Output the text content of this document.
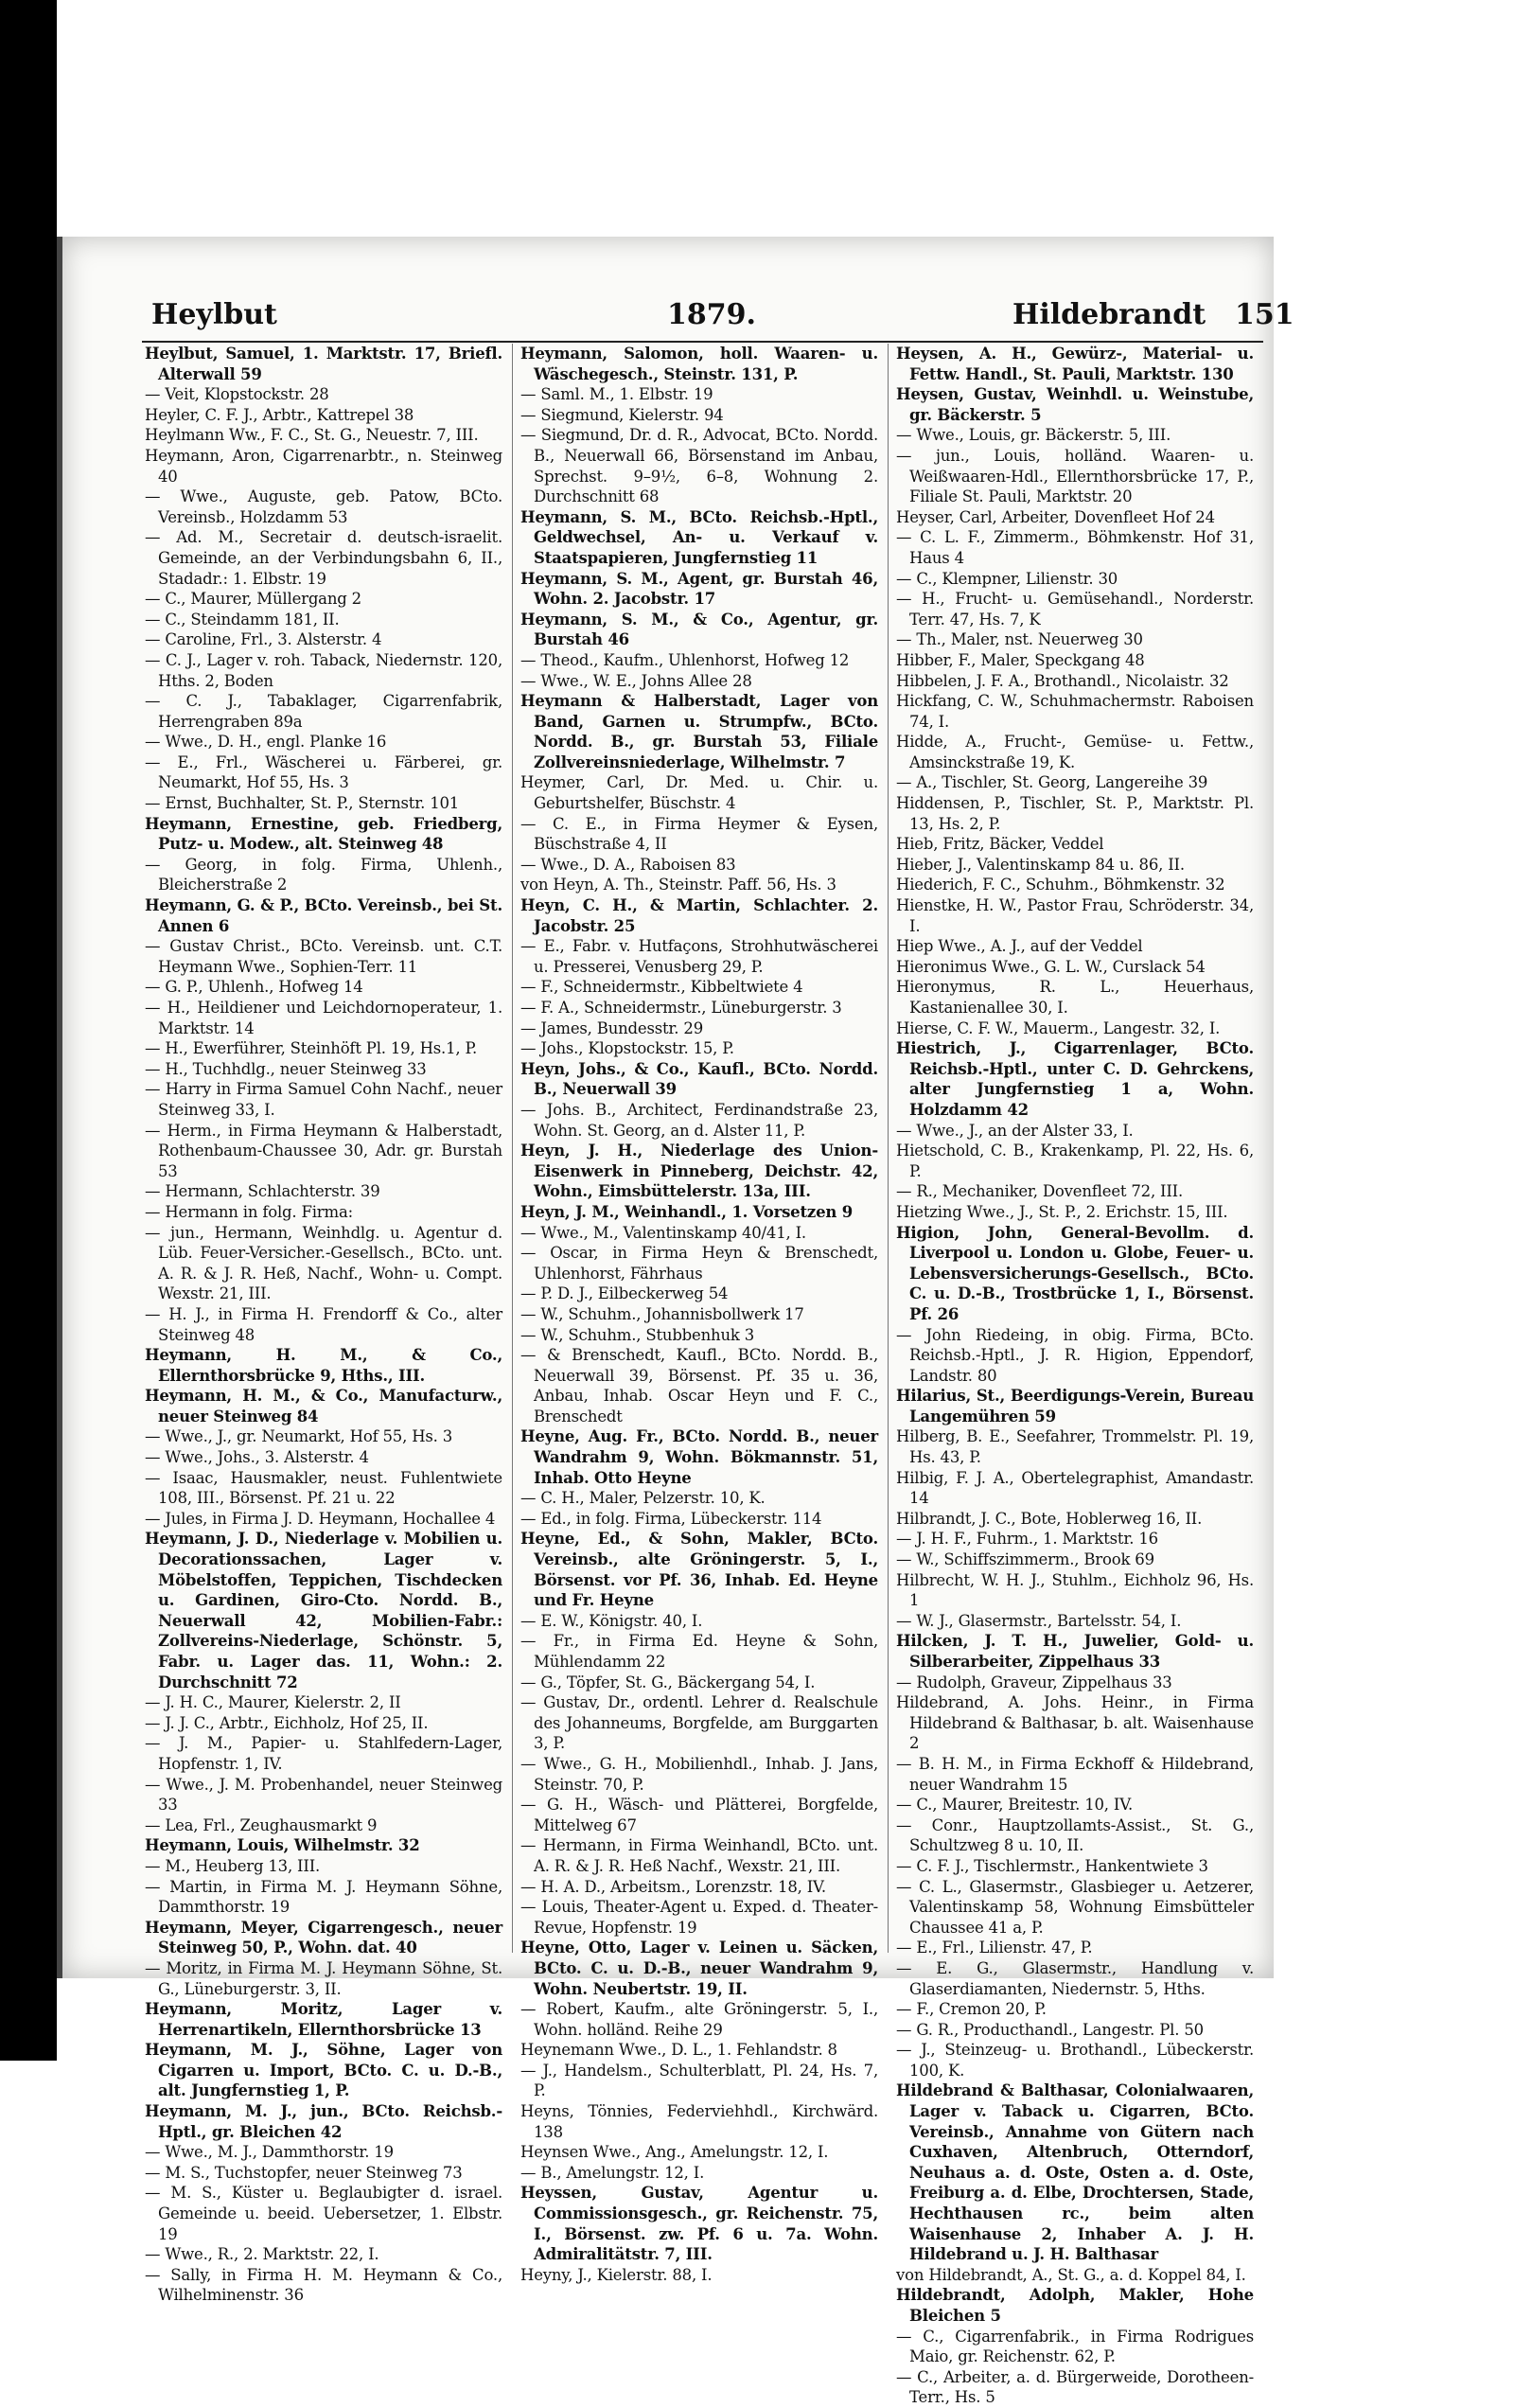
Heylbut	1879.	Hildebrandt 151

Heylbut, Samuel, 1. Marktstr. 17, Briefl. Alterwall 59

— Veit, Klopstockstr. 28

Heyler, C. F. J., Arbtr., Kattrepel 38

Heylmann Ww., F. C., St. G., Neuestr. 7, III.

Heymann, Aron, Cigarrenarbtr., n. Steinweg 40

— Wwe., Auguste, geb. Patow, BCto. Vereinsb., Holzdamm 53

— Ad. M., Secretair d. deutsch-israelit. Gemeinde, an der Verbindungsbahn 6, II., Stadadr.: 1. Elbstr. 19

— C., Maurer, Müllergang 2

— C., Steindamm 181, II.

— Caroline, Frl., 3. Alsterstr. 4

— C. J., Lager v. roh. Taback, Niedernstr. 120, Hths. 2, Boden

— C. J., Tabaklager, Cigarrenfabrik, Herrengraben 89a

— Wwe., D. H., engl. Planke 16

— E., Frl., Wäscherei u. Färberei, gr. Neumarkt, Hof 55, Hs. 3

— Ernst, Buchhalter, St. P., Sternstr. 101

Heymann, Ernestine, geb. Friedberg, Putz- u. Modew., alt. Steinweg 48

— Georg, in folg. Firma, Uhlenh., Bleicherstraße 2

Heymann, G. & P., BCto. Vereinsb., bei St. Annen 6

— Gustav Christ., BCto. Vereinsb. unt. C.T. Heymann Wwe., Sophien-Terr. 11

— G. P., Uhlenh., Hofweg 14

— H., Heildiener und Leichdornoperateur, 1. Marktstr. 14

— H., Ewerführer, Steinhöft Pl. 19, Hs.1, P.

— H., Tuchhdlg., neuer Steinweg 33

— Harry in Firma Samuel Cohn Nachf., neuer Steinweg 33, I.

— Herm., in Firma Heymann & Halberstadt, Rothenbaum-Chaussee 30, Adr. gr. Burstah 53

— Hermann, Schlachterstr. 39

— Hermann in folg. Firma:

— jun., Hermann, Weinhdlg. u. Agentur d. Lüb. Feuer-Versicher.-Gesellsch., BCto. unt. A. R. & J. R. Heß, Nachf., Wohn- u. Compt. Wexstr. 21, III.

— H. J., in Firma H. Frendorff & Co., alter Steinweg 48

Heymann, H. M., & Co., Ellernthorsbrücke 9, Hths., III.

Heymann, H. M., & Co., Manufacturw., neuer Steinweg 84

— Wwe., J., gr. Neumarkt, Hof 55, Hs. 3

— Wwe., Johs., 3. Alsterstr. 4

— Isaac, Hausmakler, neust. Fuhlentwiete 108, III., Börsenst. Pf. 21 u. 22

— Jules, in Firma J. D. Heymann, Hochallee 4

Heymann, J. D., Niederlage v. Mobilien u. Decorationssachen, Lager v. Möbelstoffen, Teppichen, Tischdecken u. Gardinen, Giro-Cto. Nordd. B., Neuerwall 42, Mobilien-Fabr.: Zollvereins-Niederlage, Schönstr. 5, Fabr. u. Lager das. 11, Wohn.: 2. Durchschnitt 72

— J. H. C., Maurer, Kielerstr. 2, II

— J. J. C., Arbtr., Eichholz, Hof 25, II.

— J. M., Papier- u. Stahlfedern-Lager, Hopfenstr. 1, IV.

— Wwe., J. M. Probenhandel, neuer Steinweg 33

— Lea, Frl., Zeughausmarkt 9

Heymann, Louis, Wilhelmstr. 32

— M., Heuberg 13, III.

— Martin, in Firma M. J. Heymann Söhne, Dammthorstr. 19

Heymann, Meyer, Cigarrengesch., neuer Steinweg 50, P., Wohn. dat. 40

— Moritz, in Firma M. J. Heymann Söhne, St. G., Lüneburgerstr. 3, II.

Heymann, Moritz, Lager v. Herrenartikeln, Ellernthorsbrücke 13

Heymann, M. J., Söhne, Lager von Cigarren u. Import, BCto. C. u. D.-B., alt. Jungfernstieg 1, P.

Heymann, M. J., jun., BCto. Reichsb.-Hptl., gr. Bleichen 42

— Wwe., M. J., Dammthorstr. 19

— M. S., Tuchstopfer, neuer Steinweg 73

— M. S., Küster u. Beglaubigter d. israel. Gemeinde u. beeid. Uebersetzer, 1. Elbstr. 19

— Wwe., R., 2. Marktstr. 22, I.

— Sally, in Firma H. M. Heymann & Co., Wilhelminenstr. 36

Heymann, Salomon, holl. Waaren- u. Wäschegesch., Steinstr. 131, P.

— Saml. M., 1. Elbstr. 19

— Siegmund, Kielerstr. 94

— Siegmund, Dr. d. R., Advocat, BCto. Nordd. B., Neuerwall 66, Börsenstand im Anbau, Sprechst. 9–9½, 6–8, Wohnung 2. Durchschnitt 68

Heymann, S. M., BCto. Reichsb.-Hptl., Geldwechsel, An- u. Verkauf v. Staatspapieren, Jungfernstieg 11

Heymann, S. M., Agent, gr. Burstah 46, Wohn. 2. Jacobstr. 17

Heymann, S. M., & Co., Agentur, gr. Burstah 46

— Theod., Kaufm., Uhlenhorst, Hofweg 12

— Wwe., W. E., Johns Allee 28

Heymann & Halberstadt, Lager von Band, Garnen u. Strumpfw., BCto. Nordd. B., gr. Burstah 53, Filiale Zollvereinsniederlage, Wilhelmstr. 7

Heymer, Carl, Dr. Med. u. Chir. u. Geburtshelfer, Büschstr. 4

— C. E., in Firma Heymer & Eysen, Büschstraße 4, II

— Wwe., D. A., Raboisen 83

von Heyn, A. Th., Steinstr. Paff. 56, Hs. 3

Heyn, C. H., & Martin, Schlachter. 2. Jacobstr. 25

— E., Fabr. v. Hutfaçons, Strohhutwäscherei u. Presserei, Venusberg 29, P.

— F., Schneidermstr., Kibbeltwiete 4

— F. A., Schneidermstr., Lüneburgerstr. 3

— James, Bundesstr. 29

— Johs., Klopstockstr. 15, P.

Heyn, Johs., & Co., Kaufl., BCto. Nordd. B., Neuerwall 39

— Johs. B., Architect, Ferdinandstraße 23, Wohn. St. Georg, an d. Alster 11, P.

Heyn, J. H., Niederlage des Union-Eisenwerk in Pinneberg, Deichstr. 42, Wohn., Eimsbüttelerstr. 13a, III.

Heyn, J. M., Weinhandl., 1. Vorsetzen 9

— Wwe., M., Valentinskamp 40/41, I.

— Oscar, in Firma Heyn & Brenschedt, Uhlenhorst, Fährhaus

— P. D. J., Eilbeckerweg 54

— W., Schuhm., Johannisbollwerk 17

— W., Schuhm., Stubbenhuk 3

— & Brenschedt, Kaufl., BCto. Nordd. B., Neuerwall 39, Börsenst. Pf. 35 u. 36, Anbau, Inhab. Oscar Heyn und F. C., Brenschedt

Heyne, Aug. Fr., BCto. Nordd. B., neuer Wandrahm 9, Wohn. Bökmannstr. 51, Inhab. Otto Heyne

— C. H., Maler, Pelzerstr. 10, K.

— Ed., in folg. Firma, Lübeckerstr. 114

Heyne, Ed., & Sohn, Makler, BCto. Vereinsb., alte Gröningerstr. 5, I., Börsenst. vor Pf. 36, Inhab. Ed. Heyne und Fr. Heyne

— E. W., Königstr. 40, I.

— Fr., in Firma Ed. Heyne & Sohn, Mühlendamm 22

— G., Töpfer, St. G., Bäckergang 54, I.

— Gustav, Dr., ordentl. Lehrer d. Realschule des Johanneums, Borgfelde, am Burggarten 3, P.

— Wwe., G. H., Mobilienhdl., Inhab. J. Jans, Steinstr. 70, P.

— G. H., Wäsch- und Plätterei, Borgfelde, Mittelweg 67

— Hermann, in Firma Weinhandl, BCto. unt. A. R. & J. R. Heß Nachf., Wexstr. 21, III.

— H. A. D., Arbeitsm., Lorenzstr. 18, IV.

— Louis, Theater-Agent u. Exped. d. Theater-Revue, Hopfenstr. 19

Heyne, Otto, Lager v. Leinen u. Säcken, BCto. C. u. D.-B., neuer Wandrahm 9, Wohn. Neubertstr. 19, II.

— Robert, Kaufm., alte Gröningerstr. 5, I., Wohn. holländ. Reihe 29

Heynemann Wwe., D. L., 1. Fehlandstr. 8

— J., Handelsm., Schulterblatt, Pl. 24, Hs. 7, P.

Heyns, Tönnies, Federviehhdl., Kirchwärd. 138

Heynsen Wwe., Ang., Amelungstr. 12, I.

— B., Amelungstr. 12, I.

Heyssen, Gustav, Agentur u. Commissionsgesch., gr. Reichenstr. 75, I., Börsenst. zw. Pf. 6 u. 7a. Wohn. Admiralitätstr. 7, III.

Heyny, J., Kielerstr. 88, I.

Heysen, A. H., Gewürz-, Material- u. Fettw. Handl., St. Pauli, Marktstr. 130

Heysen, Gustav, Weinhdl. u. Weinstube, gr. Bäckerstr. 5

— Wwe., Louis, gr. Bäckerstr. 5, III.

— jun., Louis, holländ. Waaren- u. Weißwaaren-Hdl., Ellernthorsbrücke 17, P., Filiale St. Pauli, Marktstr. 20

Heyser, Carl, Arbeiter, Dovenfleet Hof 24

— C. L. F., Zimmerm., Böhmkenstr. Hof 31, Haus 4

— C., Klempner, Lilienstr. 30

— H., Frucht- u. Gemüsehandl., Norderstr. Terr. 47, Hs. 7, K

— Th., Maler, nst. Neuerweg 30

Hibber, F., Maler, Speckgang 48

Hibbelen, J. F. A., Brothandl., Nicolaistr. 32

Hickfang, C. W., Schuhmachermstr. Raboisen 74, I.

Hidde, A., Frucht-, Gemüse- u. Fettw., Amsinckstraße 19, K.

— A., Tischler, St. Georg, Langereihe 39

Hiddensen, P., Tischler, St. P., Marktstr. Pl. 13, Hs. 2, P.

Hieb, Fritz, Bäcker, Veddel

Hieber, J., Valentinskamp 84 u. 86, II.

Hiederich, F. C., Schuhm., Böhmkenstr. 32

Hienstke, H. W., Pastor Frau, Schröderstr. 34, I.

Hiep Wwe., A. J., auf der Veddel

Hieronimus Wwe., G. L. W., Curslack 54

Hieronymus, R. L., Heuerhaus, Kastanienallee 30, I.

Hierse, C. F. W., Mauerm., Langestr. 32, I.

Hiestrich, J., Cigarrenlager, BCto. Reichsb.-Hptl., unter C. D. Gehrckens, alter Jungfernstieg 1 a, Wohn. Holzdamm 42

— Wwe., J., an der Alster 33, I.

Hietschold, C. B., Krakenkamp, Pl. 22, Hs. 6, P.

— R., Mechaniker, Dovenfleet 72, III.

Hietzing Wwe., J., St. P., 2. Erichstr. 15, III.

Higion, John, General-Bevollm. d. Liverpool u. London u. Globe, Feuer- u. Lebensversicherungs-Gesellsch., BCto. C. u. D.-B., Trostbrücke 1, I., Börsenst. Pf. 26

— John Riedeing, in obig. Firma, BCto. Reichsb.-Hptl., J. R. Higion, Eppendorf, Landstr. 80

Hilarius, St., Beerdigungs-Verein, Bureau Langemühren 59

Hilberg, B. E., Seefahrer, Trommelstr. Pl. 19, Hs. 43, P.

Hilbig, F. J. A., Obertelegraphist, Amandastr. 14

Hilbrandt, J. C., Bote, Hoblerweg 16, II.

— J. H. F., Fuhrm., 1. Marktstr. 16

— W., Schiffszimmerm., Brook 69

Hilbrecht, W. H. J., Stuhlm., Eichholz 96, Hs. 1

— W. J., Glasermstr., Bartelsstr. 54, I.

Hilcken, J. T. H., Juwelier, Gold- u. Silberarbeiter, Zippelhaus 33

— Rudolph, Graveur, Zippelhaus 33

Hildebrand, A. Johs. Heinr., in Firma Hildebrand & Balthasar, b. alt. Waisenhause 2

— B. H. M., in Firma Eckhoff & Hildebrand, neuer Wandrahm 15

— C., Maurer, Breitestr. 10, IV.

— Conr., Hauptzollamts-Assist., St. G., Schultzweg 8 u. 10, II.

— C. F. J., Tischlermstr., Hankentwiete 3

— C. L., Glasermstr., Glasbieger u. Aetzerer, Valentinskamp 58, Wohnung Eimsbütteler Chaussee 41 a, P.

— E., Frl., Lilienstr. 47, P.

— E. G., Glasermstr., Handlung v. Glaserdiamanten, Niedernstr. 5, Hths.

— F., Cremon 20, P.

— G. R., Producthandl., Langestr. Pl. 50

— J., Steinzeug- u. Brothandl., Lübeckerstr. 100, K.

Hildebrand & Balthasar, Colonialwaaren, Lager v. Taback u. Cigarren, BCto. Vereinsb., Annahme von Gütern nach Cuxhaven, Altenbruch, Otterndorf, Neuhaus a. d. Oste, Osten a. d. Oste, Freiburg a. d. Elbe, Drochtersen, Stade, Hechthausen rc., beim alten Waisenhause 2, Inhaber A. J. H. Hildebrand u. J. H. Balthasar

von Hildebrandt, A., St. G., a. d. Koppel 84, I.

Hildebrandt, Adolph, Makler, Hohe Bleichen 5

— C., Cigarrenfabrik., in Firma Rodrigues Maio, gr. Reichenstr. 62, P.

— C., Arbeiter, a. d. Bürgerweide, Dorotheen-Terr., Hs. 5
